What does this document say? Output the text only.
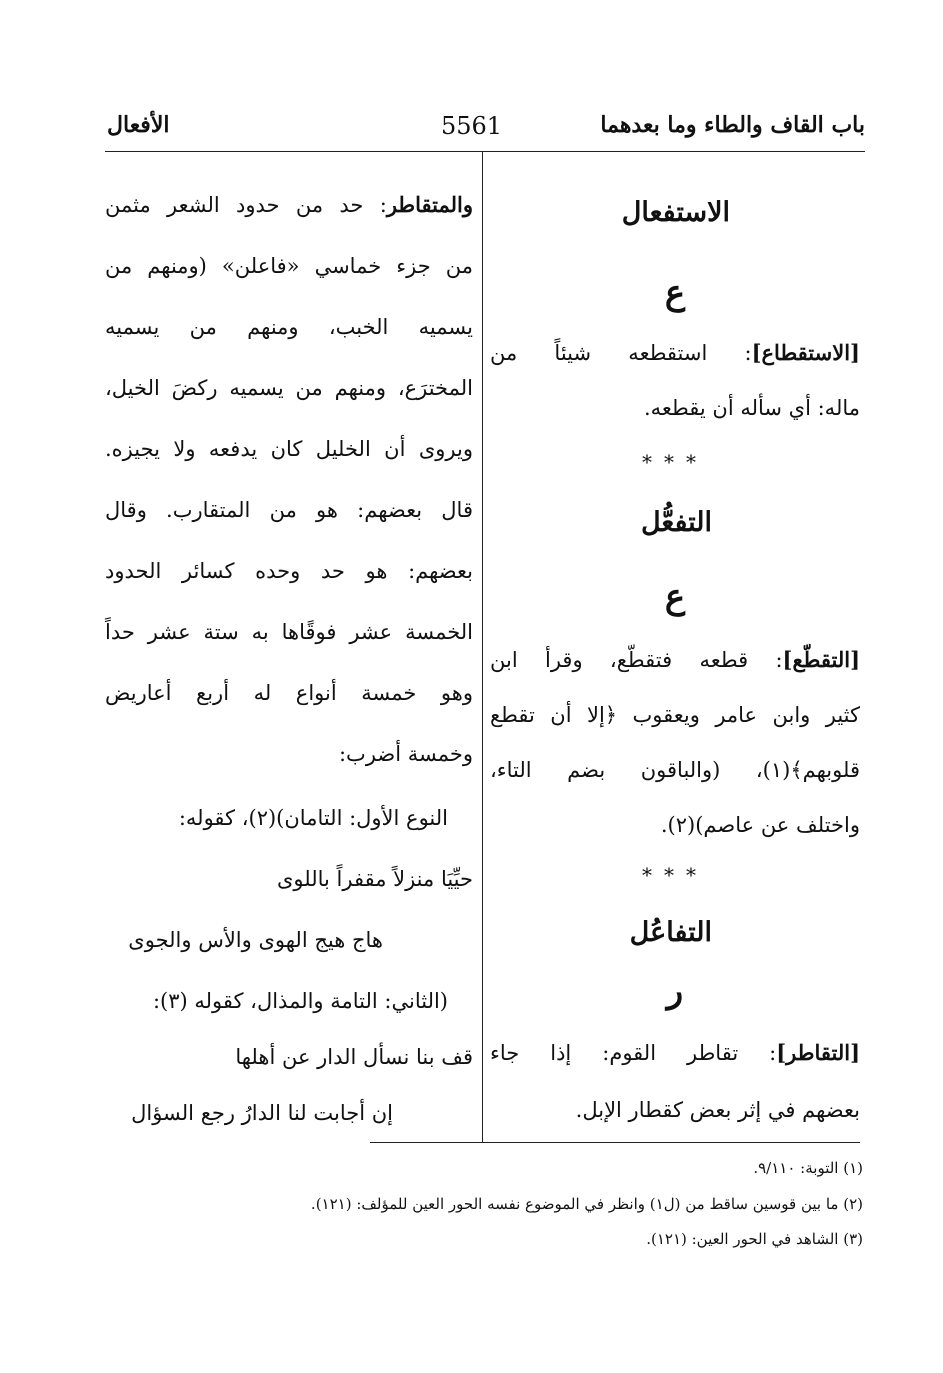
باب القاف والطاء وما بعدهما
5561
الأفعال
الاستفعال
ع
[الاستقطاع]: استقطعه شيئاً من
ماله: أي سأله أن يقطعه.
***
التفعُّل
ع
[التقطّع]: قطعه فتقطّع، وقرأ ابن
كثير وابن عامر ويعقوب ﴿إلا أن تقطع
قلوبهم﴾(١)، (والباقون بضم التاء،
واختلف عن عاصم)(٢).
***
التفاعُل
ر
[التقاطر]: تقاطر القوم: إذا جاء
بعضهم في إثر بعض كقطار الإبل.
والمتقاطر: حد من حدود الشعر مثمن
من جزء خماسي «فاعلن» (ومنهم من
يسميه الخبب، ومنهم من يسميه
المخترَع، ومنهم من يسميه ركضَ الخيل،
ويروى أن الخليل كان يدفعه ولا يجيزه.
قال بعضهم: هو من المتقارب. وقال
بعضهم: هو حد وحده كسائر الحدود
الخمسة عشر فوقًاها به ستة عشر حداً
وهو خمسة أنواع له أربع أعاريض
وخمسة أضرب:
النوع الأول: التامان)(٢)، كقوله:
حيِّيَا منزلاً مقفراً باللوى
هاج هيج الهوى والأس والجوى
(الثاني: التامة والمذال، كقوله (٣):
قف بنا نسأل الدار عن أهلها
إن أجابت لنا الدارُ رجع السؤال
(١) التوبة: ٩/١١٠.
(٢) ما بين قوسين ساقط من (ل١) وانظر في الموضوع نفسه الحور العين للمؤلف: (١٢١).
(٣) الشاهد في الحور العين: (١٢١).
